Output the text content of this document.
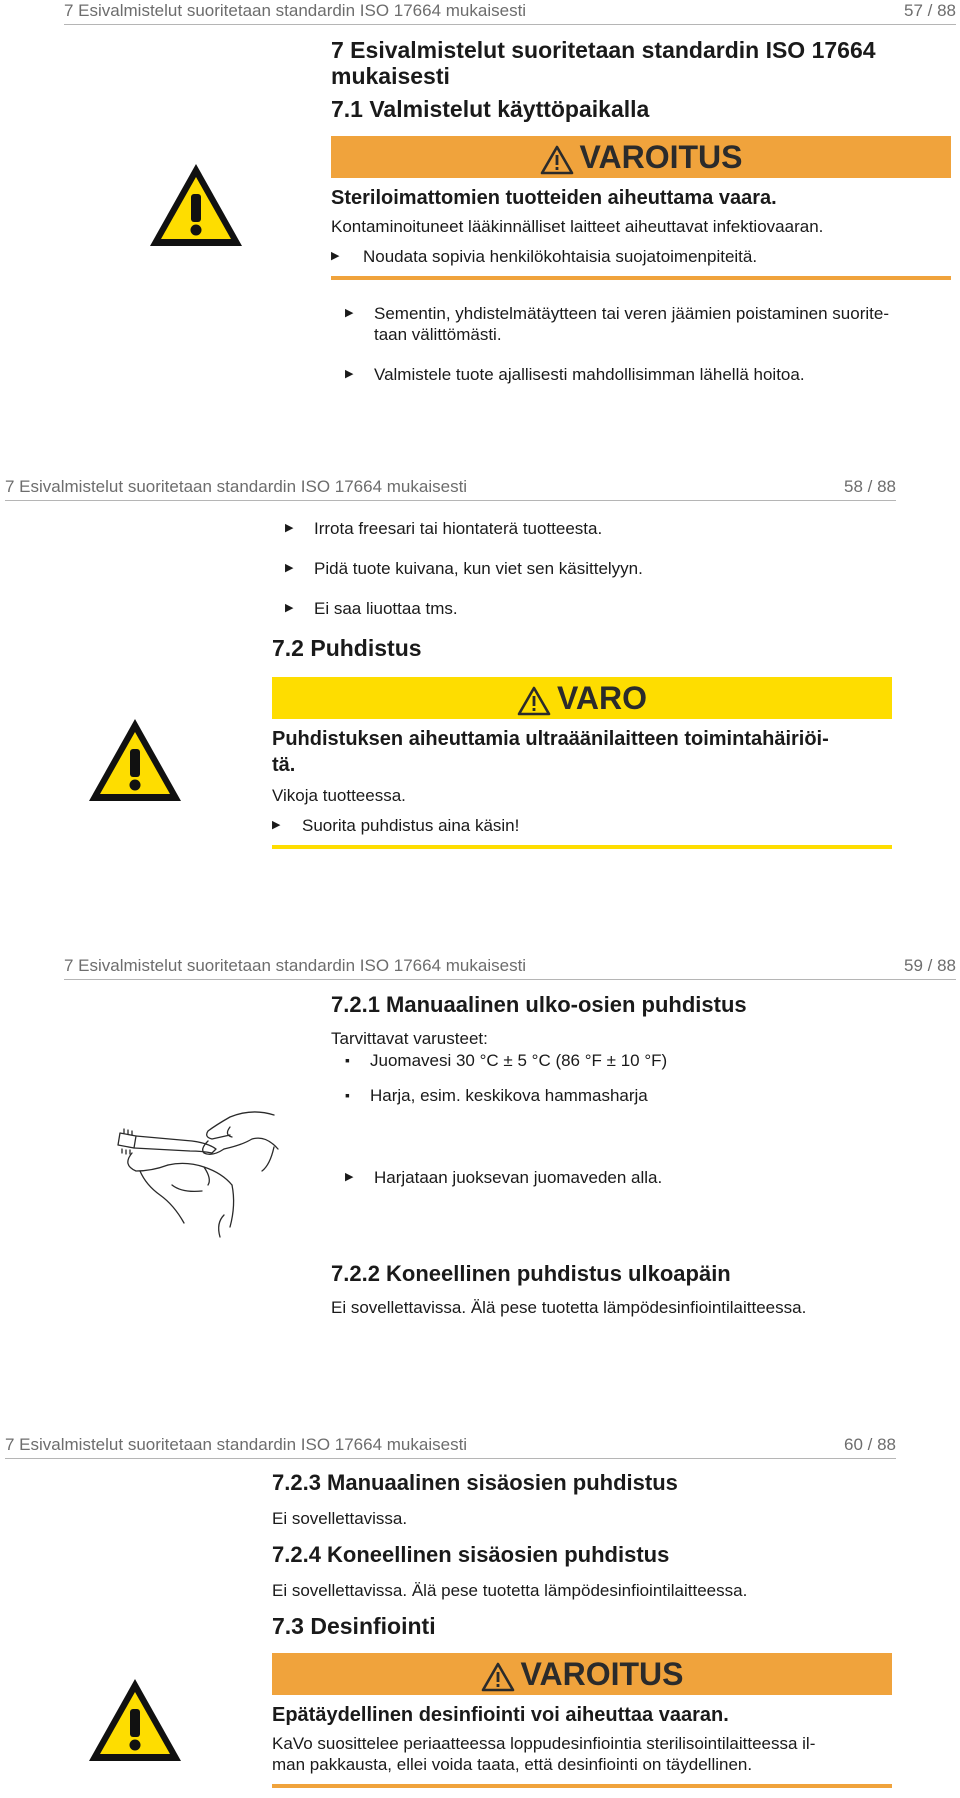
7 Esivalmistelut suoritetaan standardin ISO 17664 mukaisesti	57 / 88
7 Esivalmistelut suoritetaan standardin ISO 17664 mukaisesti
7.1 Valmistelut käyttöpaikalla
VAROITUS
Steriloimattomien tuotteiden aiheuttama vaara.
Kontaminoituneet lääkinnälliset laitteet aiheuttavat infektiovaaran.
▶	Noudata sopivia henkilökohtaisia suojatoimenpiteitä.
▶	Sementin, yhdistelmätäytteen tai veren jäämien poistaminen suorite-
taan välittömästi.
▶	Valmistele tuote ajallisesti mahdollisimman lähellä hoitoa.
7 Esivalmistelut suoritetaan standardin ISO 17664 mukaisesti	58 / 88
▶	Irrota freesari tai hiontaterä tuotteesta.
▶	Pidä tuote kuivana, kun viet sen käsittelyyn.
▶	Ei saa liuottaa tms.
7.2 Puhdistus
VARO
Puhdistuksen aiheuttamia ultraäänilaitteen toimintahäiriöi-
tä.
Vikoja tuotteessa.
▶	Suorita puhdistus aina käsin!
7 Esivalmistelut suoritetaan standardin ISO 17664 mukaisesti	59 / 88
7.2.1 Manuaalinen ulko-osien puhdistus
Tarvittavat varusteet:
▪	Juomavesi 30 °C ± 5 °C (86 °F ± 10 °F)
▪	Harja, esim. keskikova hammasharja
▶	Harjataan juoksevan juomaveden alla.
7.2.2 Koneellinen puhdistus ulkoapäin
Ei sovellettavissa. Älä pese tuotetta lämpödesinfiointilaitteessa.
7 Esivalmistelut suoritetaan standardin ISO 17664 mukaisesti	60 / 88
7.2.3 Manuaalinen sisäosien puhdistus
Ei sovellettavissa.
7.2.4 Koneellinen sisäosien puhdistus
Ei sovellettavissa. Älä pese tuotetta lämpödesinfiointilaitteessa.
7.3 Desinfiointi
VAROITUS
Epätäydellinen desinfiointi voi aiheuttaa vaaran.
KaVo suosittelee periaatteessa loppudesinfiointia sterilisointilaitteessa il-
man pakkausta, ellei voida taata, että desinfiointi on täydellinen.
